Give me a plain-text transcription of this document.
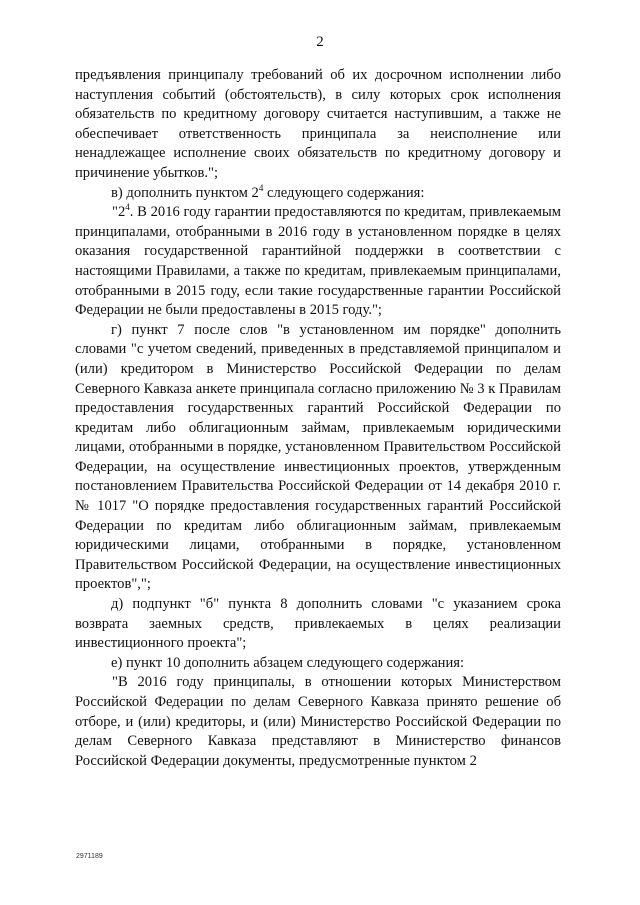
2

предъявления принципалу требований об их досрочном исполнении либо наступления событий (обстоятельств), в силу которых срок исполнения обязательств по кредитному договору считается наступившим, а также не обеспечивает ответственность принципала за неисполнение или ненадлежащее исполнение своих обязательств по кредитному договору и причинение убытков.";

в) дополнить пунктом $2^4$ следующего содержания:

"$2^4$. В 2016 году гарантии предоставляются по кредитам, привлекаемым принципалами, отобранными в 2016 году в установленном порядке в целях оказания государственной гарантийной поддержки в соответствии с настоящими Правилами, а также по кредитам, привлекаемым принципалами, отобранными в 2015 году, если такие государственные гарантии Российской Федерации не были предоставлены в 2015 году.";

г) пункт 7 после слов "в установленном им порядке" дополнить словами "с учетом сведений, приведенных в представляемой принципалом и (или) кредитором в Министерство Российской Федерации по делам Северного Кавказа анкете принципала согласно приложению № 3 к Правилам предоставления государственных гарантий Российской Федерации по кредитам либо облигационным займам, привлекаемым юридическими лицами, отобранными в порядке, установленном Правительством Российской Федерации, на осуществление инвестиционных проектов, утвержденным постановлением Правительства Российской Федерации от 14 декабря 2010 г. № 1017 "О порядке предоставления государственных гарантий Российской Федерации по кредитам либо облигационным займам, привлекаемым юридическими лицами, отобранными в порядке, установленном Правительством Российской Федерации, на осуществление инвестиционных проектов",";

д) подпункт "б" пункта 8 дополнить словами "с указанием срока возврата заемных средств, привлекаемых в целях реализации инвестиционного проекта";

е) пункт 10 дополнить абзацем следующего содержания:

"В 2016 году принципалы, в отношении которых Министерством Российской Федерации по делам Северного Кавказа принято решение об отборе, и (или) кредиторы, и (или) Министерство Российской Федерации по делам Северного Кавказа представляют в Министерство финансов Российской Федерации документы, предусмотренные пунктом 2

2971189
